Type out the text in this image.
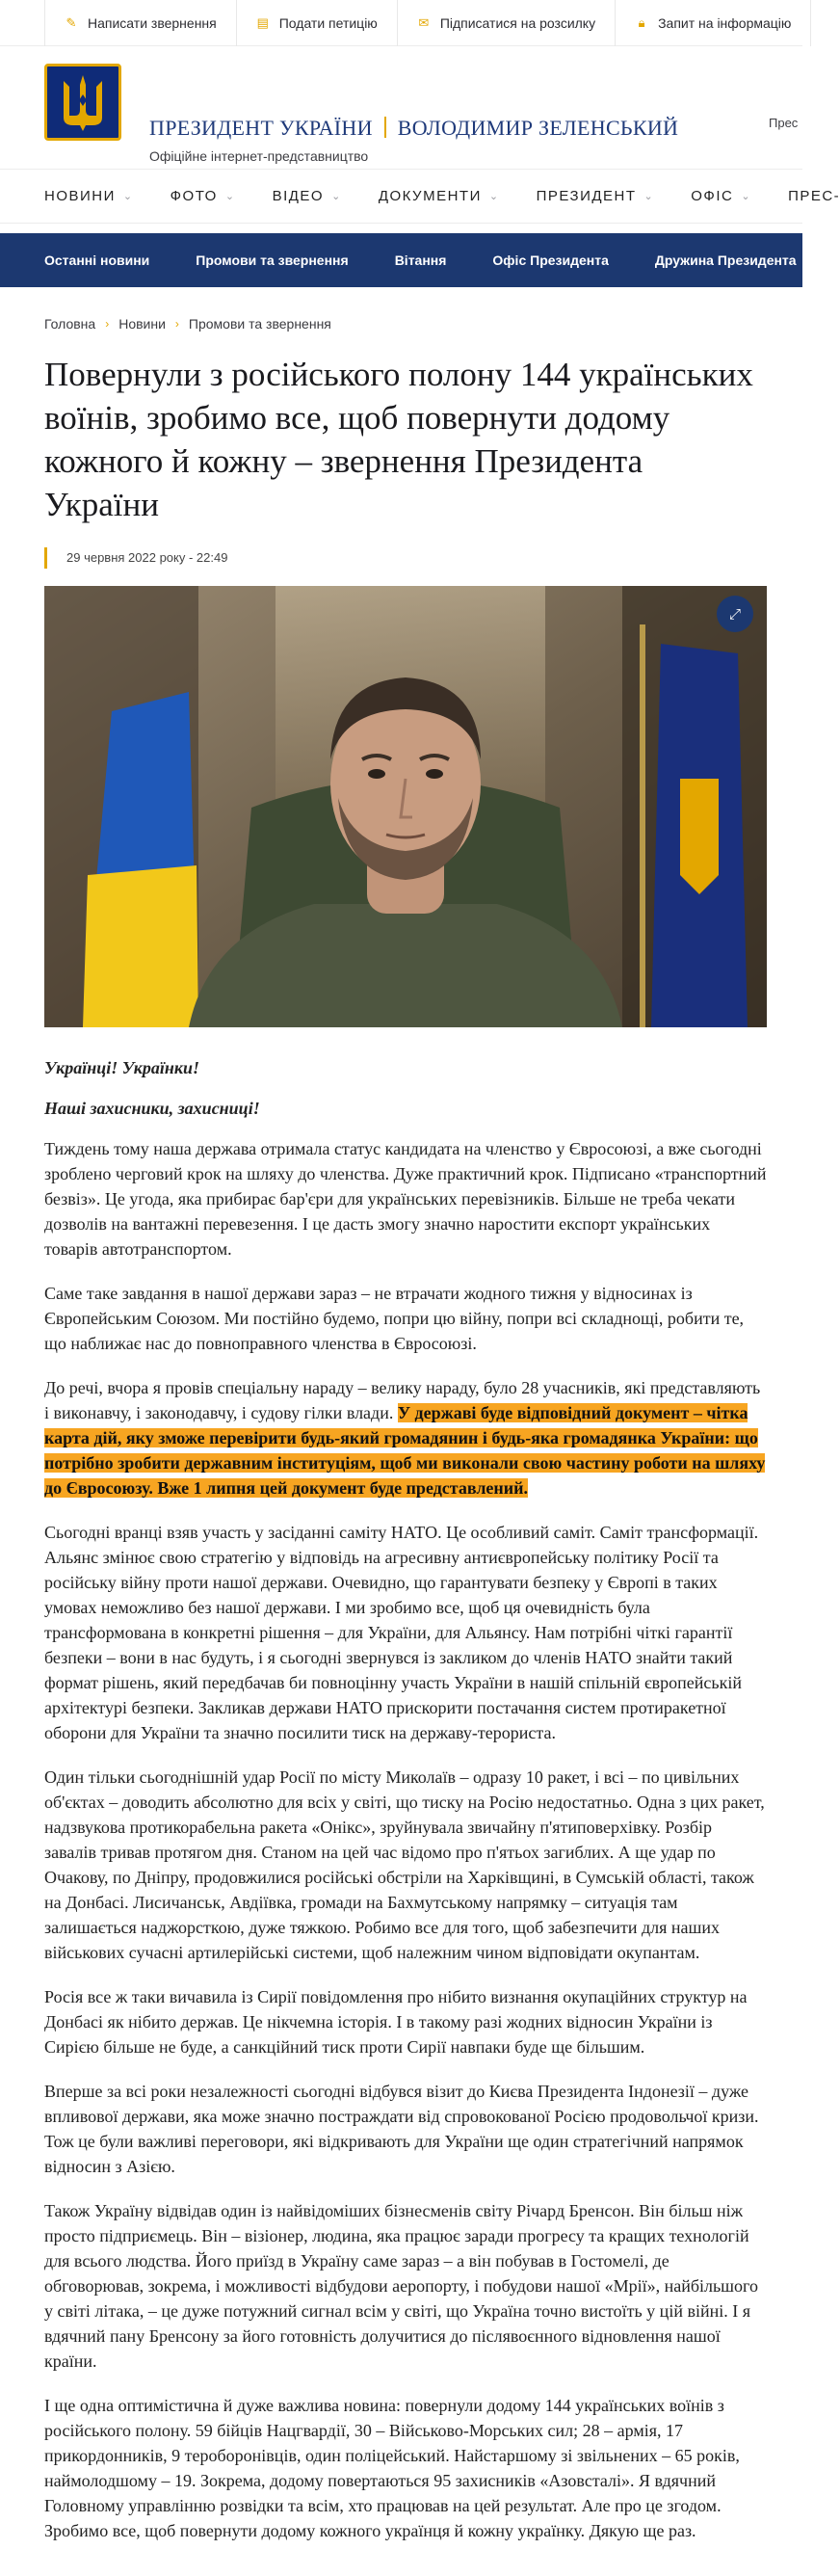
✎ Написати звернення	▤ Подати петицію	✉ Підписатися на розсилку	🔒︎ Запит на інформацію
ПРЕЗИДЕНТ УКРАЇНИ ВОЛОДИМИР ЗЕЛЕНСЬКИЙ
Офіційне інтернет-представництво
Прес
НОВИНИ ⌄	ФОТО ⌄	ВІДЕО ⌄	ДОКУМЕНТИ ⌄	ПРЕЗИДЕНТ ⌄	ОФІС ⌄	ПРЕС-
Останні новини	Промови та звернення	Вітання	Офіс Президента	Дружина Президента
Головна › Новини › Промови та звернення
Повернули з російського полону 144 українських воїнів, зробимо все, щоб повернути додому кожного й кожну – звернення Президента України
29 червня 2022 року - 22:49
⤢

Українці! Українки!

Наші захисники, захисниці!

Тиждень тому наша держава отримала статус кандидата на членство у Євросоюзі, а вже сьогодні зроблено черговий крок на шляху до членства. Дуже практичний крок. Підписано «транспортний безвіз». Це угода, яка прибирає бар'єри для українських перевізників. Більше не треба чекати дозволів на вантажні перевезення. І це дасть змогу значно наростити експорт українських товарів автотранспортом.

Саме таке завдання в нашої держави зараз – не втрачати жодного тижня у відносинах із Європейським Союзом. Ми постійно будемо, попри цю війну, попри всі складнощі, робити те, що наближає нас до повноправного членства в Євросоюзі.

До речі, вчора я провів спеціальну нараду – велику нараду, було 28 учасників, які представляють і виконавчу, і законодавчу, і судову гілки влади. У державі буде відповідний документ – чітка карта дій, яку зможе перевірити будь-який громадянин і будь-яка громадянка України: що потрібно зробити державним інституціям, щоб ми виконали свою частину роботи на шляху до Євросоюзу. Вже 1 липня цей документ буде представлений.

Сьогодні вранці взяв участь у засіданні саміту НАТО. Це особливий саміт. Саміт трансформації. Альянс змінює свою стратегію у відповідь на агресивну антиєвропейську політику Росії та російську війну проти нашої держави. Очевидно, що гарантувати безпеку у Європі в таких умовах неможливо без нашої держави. І ми зробимо все, щоб ця очевидність була трансформована в конкретні рішення – для України, для Альянсу. Нам потрібні чіткі гарантії безпеки – вони в нас будуть, і я сьогодні звернувся із закликом до членів НАТО знайти такий формат рішень, який передбачав би повноцінну участь України в нашій спільній європейській архітектурі безпеки. Закликав держави НАТО прискорити постачання систем протиракетної оборони для України та значно посилити тиск на державу-терориста.

Один тільки сьогоднішній удар Росії по місту Миколаїв – одразу 10 ракет, і всі – по цивільних об'єктах – доводить абсолютно для всіх у світі, що тиску на Росію недостатньо. Одна з цих ракет, надзвукова протикорабельна ракета «Онікс», зруйнувала звичайну п'ятиповерхівку. Розбір завалів тривав протягом дня. Станом на цей час відомо про п'ятьох загиблих. А ще удар по Очакову, по Дніпру, продовжилися російські обстріли на Харківщині, в Сумській області, також на Донбасі. Лисичанськ, Авдіївка, громади на Бахмутському напрямку – ситуація там залишається наджорсткою, дуже тяжкою. Робимо все для того, щоб забезпечити для наших військових сучасні артилерійські системи, щоб належним чином відповідати окупантам.

Росія все ж таки вичавила із Сирії повідомлення про нібито визнання окупаційних структур на Донбасі як нібито держав. Це нікчемна історія. І в такому разі жодних відносин України із Сирією більше не буде, а санкційний тиск проти Сирії навпаки буде ще більшим.

Вперше за всі роки незалежності сьогодні відбувся візит до Києва Президента Індонезії – дуже впливової держави, яка може значно постраждати від спровокованої Росією продовольчої кризи. Тож це були важливі переговори, які відкривають для України ще один стратегічний напрямок відносин з Азією.

Також Україну відвідав один із найвідоміших бізнесменів світу Річард Бренсон. Він більш ніж просто підприємець. Він – візіонер, людина, яка працює заради прогресу та кращих технологій для всього людства. Його приїзд в Україну саме зараз – а він побував в Гостомелі, де обговорював, зокрема, і можливості відбудови аеропорту, і побудови нашої «Мрії», найбільшого у світі літака, – це дуже потужний сигнал всім у світі, що Україна точно вистоїть у цій війні. І я вдячний пану Бренсону за його готовність долучитися до післявоєнного відновлення нашої країни.

І ще одна оптимістична й дуже важлива новина: повернули додому 144 українських воїнів з російського полону. 59 бійців Нацгвардії, 30 – Військово-Морських сил; 28 – армія, 17 прикордонників, 9 тероборонівців, один поліцейський. Найстаршому зі звільнених – 65 років, наймолодшому – 19. Зокрема, додому повертаються 95 захисників «Азовсталі». Я вдячний Головному управлінню розвідки та всім, хто працював на цей результат. Але про це згодом. Зробимо все, щоб повернути додому кожного українця й кожну українку. Дякую ще раз.
